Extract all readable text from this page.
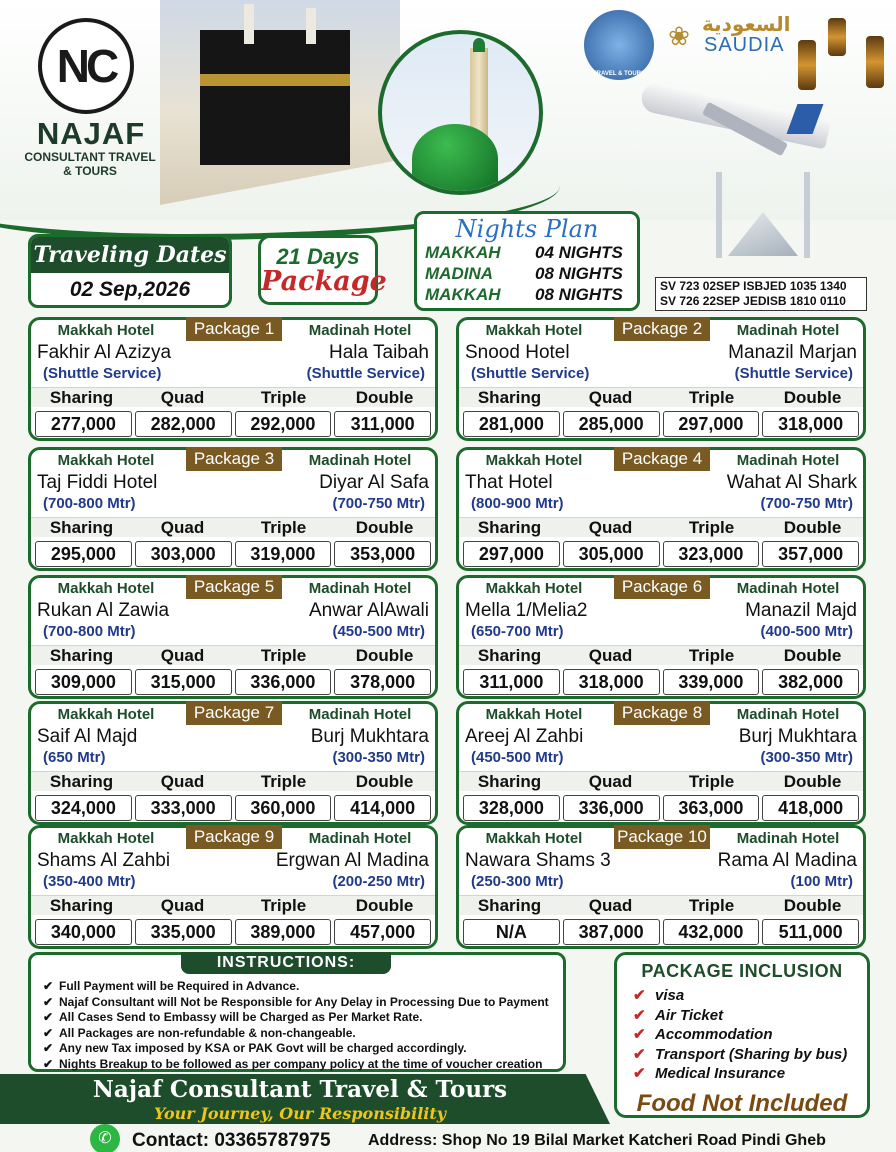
NC
NAJAF
CONSULTANT TRAVEL
& TOURS
TRAVEL & TOURS
❀ السعودية
SAUDIA
Traveling Dates
02 Sep,2026
21 Days
Package
Nights Plan
MAKKAH	04 NIGHTS
MADINA	08 NIGHTS
MAKKAH	08 NIGHTS	SV 723 02SEP ISBJED 1035 1340
SV 726 22SEP JEDISB 1810 0110
Makkah Hotel	Package 1	Madinah Hotel
Fakhir Al Azizya	Hala Taibah
(Shuttle Service)	(Shuttle Service)
Sharing	Quad	Triple	Double
277,000	282,000	292,000	311,000
Makkah Hotel	Package 2	Madinah Hotel
Snood Hotel	Manazil Marjan
(Shuttle Service)	(Shuttle Service)
Sharing	Quad	Triple	Double
281,000	285,000	297,000	318,000
Makkah Hotel	Package 3	Madinah Hotel
Taj Fiddi Hotel	Diyar Al Safa
(700-800 Mtr)	(700-750 Mtr)
Sharing	Quad	Triple	Double
295,000	303,000	319,000	353,000
Makkah Hotel	Package 4	Madinah Hotel
That Hotel	Wahat Al Shark
(800-900 Mtr)	(700-750 Mtr)
Sharing	Quad	Triple	Double
297,000	305,000	323,000	357,000
Makkah Hotel	Package 5	Madinah Hotel
Rukan Al Zawia	Anwar AlAwali
(700-800 Mtr)	(450-500 Mtr)
Sharing	Quad	Triple	Double
309,000	315,000	336,000	378,000
Makkah Hotel	Package 6	Madinah Hotel
Mella 1/Melia2	Manazil Majd
(650-700 Mtr)	(400-500 Mtr)
Sharing	Quad	Triple	Double
311,000	318,000	339,000	382,000
Makkah Hotel	Package 7	Madinah Hotel
Saif Al Majd	Burj Mukhtara
(650 Mtr)	(300-350 Mtr)
Sharing	Quad	Triple	Double
324,000	333,000	360,000	414,000
Makkah Hotel	Package 8	Madinah Hotel
Areej Al Zahbi	Burj Mukhtara
(450-500 Mtr)	(300-350 Mtr)
Sharing	Quad	Triple	Double
328,000	336,000	363,000	418,000
Makkah Hotel	Package 9	Madinah Hotel
Shams Al Zahbi	Ergwan Al Madina
(350-400 Mtr)	(200-250 Mtr)
Sharing	Quad	Triple	Double
340,000	335,000	389,000	457,000
Makkah Hotel	Package 10	Madinah Hotel
Nawara Shams 3	Rama Al Madina
(250-300 Mtr)	(100 Mtr)
Sharing	Quad	Triple	Double
N/A	387,000	432,000	511,000
INSTRUCTIONS:
✔ Full Payment will be Required in Advance.
✔ Najaf Consultant will Not be Responsible for Any Delay in Processing Due to Payment
✔ All Cases Send to Embassy will be Charged as Per Market Rate.
✔ All Packages are non-refundable & non-changeable.
✔ Any new Tax imposed by KSA or PAK Govt will be charged accordingly.
✔ Nights Breakup to be followed as per company policy at the time of voucher creation
PACKAGE INCLUSION
✔ visa
✔ Air Ticket
✔ Accommodation
✔ Transport (Sharing by bus)
✔ Medical Insurance
Food Not Included
Najaf Consultant Travel & Tours
Your Journey, Our Responsibility
✆	Contact: 03365787975 Address: Shop No 19 Bilal Market Katcheri Road Pindi Gheb
